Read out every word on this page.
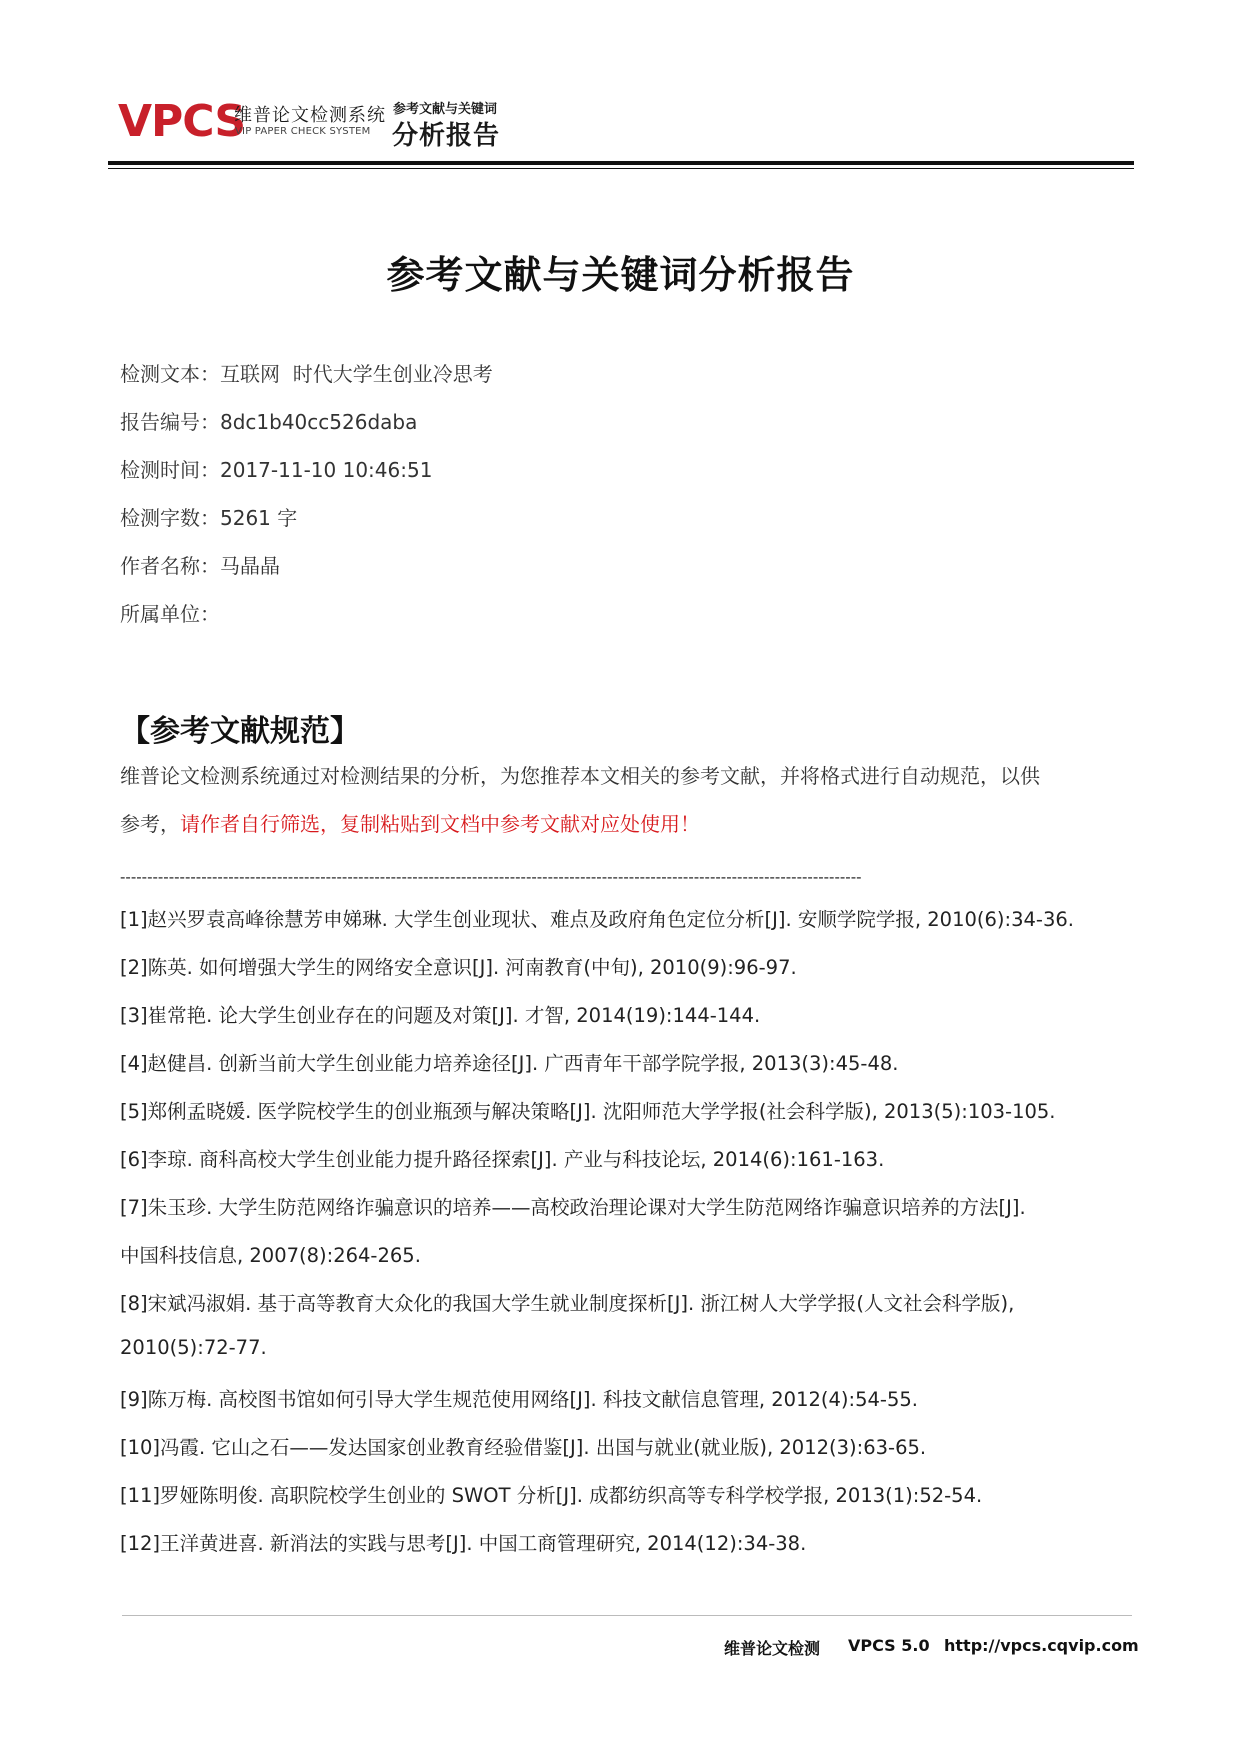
VPCS
维普论文检测系统
VIP PAPER CHECK SYSTEM
参考文献与关键词
分析报告
参考文献与关键词分析报告
检测文本：互联网  时代大学生创业冷思考
报告编号：8dc1b40cc526daba
检测时间：2017-11-10 10:46:51
检测字数：5261 字
作者名称：马晶晶
所属单位：
【参考文献规范】
维普论文检测系统通过对检测结果的分析，为您推荐本文相关的参考文献，并将格式进行自动规范，以供
参考，请作者自行筛选，复制粘贴到文档中参考文献对应处使用！
-----------------------------------------------------------------------------------------------------------------------------------------
[1]赵兴罗袁高峰徐慧芳申娣琳. 大学生创业现状、难点及政府角色定位分析[J]. 安顺学院学报, 2010(6):34-36.
[2]陈英. 如何增强大学生的网络安全意识[J]. 河南教育(中旬), 2010(9):96-97.
[3]崔常艳. 论大学生创业存在的问题及对策[J]. 才智, 2014(19):144-144.
[4]赵健昌. 创新当前大学生创业能力培养途径[J]. 广西青年干部学院学报, 2013(3):45-48.
[5]郑俐孟晓媛. 医学院校学生的创业瓶颈与解决策略[J]. 沈阳师范大学学报(社会科学版), 2013(5):103-105.
[6]李琼. 商科高校大学生创业能力提升路径探索[J]. 产业与科技论坛, 2014(6):161-163.
[7]朱玉珍. 大学生防范网络诈骗意识的培养——高校政治理论课对大学生防范网络诈骗意识培养的方法[J].
中国科技信息, 2007(8):264-265.
[8]宋斌冯淑娟. 基于高等教育大众化的我国大学生就业制度探析[J]. 浙江树人大学学报(人文社会科学版),
2010(5):72-77.
[9]陈万梅. 高校图书馆如何引导大学生规范使用网络[J]. 科技文献信息管理, 2012(4):54-55.
[10]冯霞. 它山之石——发达国家创业教育经验借鉴[J]. 出国与就业(就业版), 2012(3):63-65.
[11]罗娅陈明俊. 高职院校学生创业的 SWOT 分析[J]. 成都纺织高等专科学校学报, 2013(1):52-54.
[12]王洋黄进喜. 新消法的实践与思考[J]. 中国工商管理研究, 2014(12):34-38.
维普论文检测 VPCS 5.0 http://vpcs.cqvip.com
